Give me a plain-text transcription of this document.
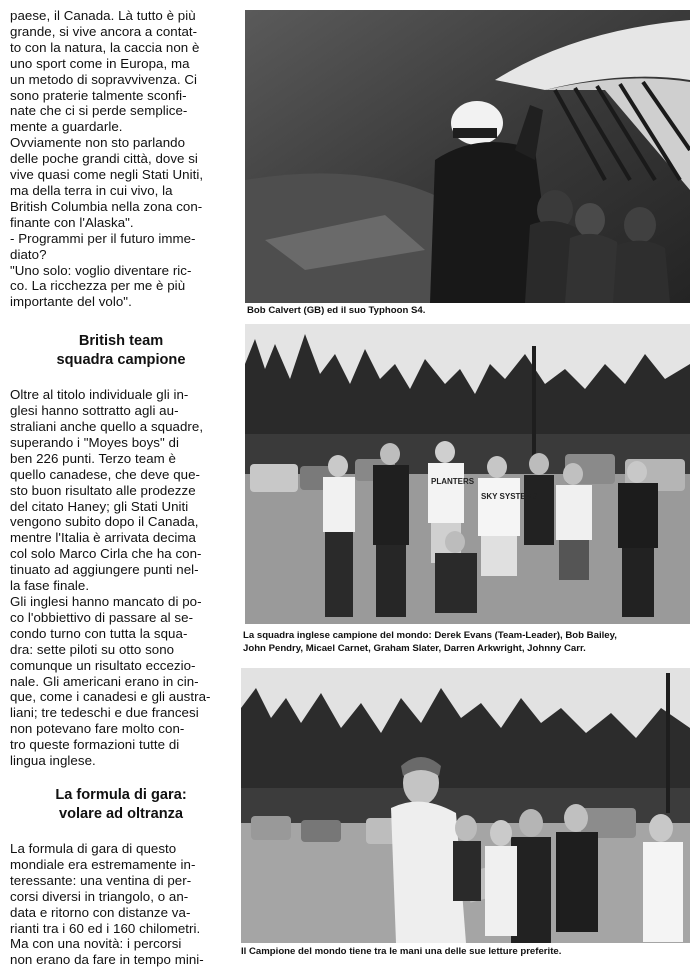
paese, il Canada. Là tutto è più
grande, si vive ancora a contat-
to con la natura, la caccia non è
uno sport come in Europa, ma
un metodo di sopravvivenza. Ci
sono praterie talmente sconfi-
nate che ci si perde semplice-
mente a guardarle.
Ovviamente non sto parlando
delle poche grandi città, dove si
vive quasi come negli Stati Uniti,
ma della terra in cui vivo, la
British Columbia nella zona con-
finante con l'Alaska".
- Programmi per il futuro imme-
diato?
"Uno solo: voglio diventare ric-
co. La ricchezza per me è più
importante del volo".

British team
squadra campione

Oltre al titolo individuale gli in-
glesi hanno sottratto agli au-
straliani anche quello a squadre,
superando i "Moyes boys" di
ben 226 punti. Terzo team è
quello canadese, che deve que-
sto buon risultato alle prodezze
del citato Haney; gli Stati Uniti
vengono subito dopo il Canada,
mentre l'Italia è arrivata decima
col solo Marco Cirla che ha con-
tinuato ad aggiungere punti nel-
la fase finale.
Gli inglesi hanno mancato di po-
co l'obbiettivo di passare al se-
condo turno con tutta la squa-
dra: sette piloti su otto sono
comunque un risultato eccezio-
nale. Gli americani erano in cin-
que, come i canadesi e gli austra-
liani; tre tedeschi e due francesi
non potevano fare molto con-
tro queste formazioni tutte di
lingua inglese.

La formula di gara:
volare ad oltranza

La formula di gara di questo
mondiale era estremamente in-
teressante: una ventina di per-
corsi diversi in triangolo, o an-
data e ritorno con distanze va-
rianti tra i 60 ed i 160 chilometri.
Ma con una novità: i percorsi
non erano da fare in tempo mini-

Bob Calvert (GB) ed il suo Typhoon S4.
PLANTERS
SKY SYSTEMS
La squadra inglese campione del mondo: Derek Evans (Team-Leader), Bob Bailey,
John Pendry, Micael Carnet, Graham Slater, Darren Arkwright, Johnny Carr.
Il Campione del mondo tiene tra le mani una delle sue letture preferite.
